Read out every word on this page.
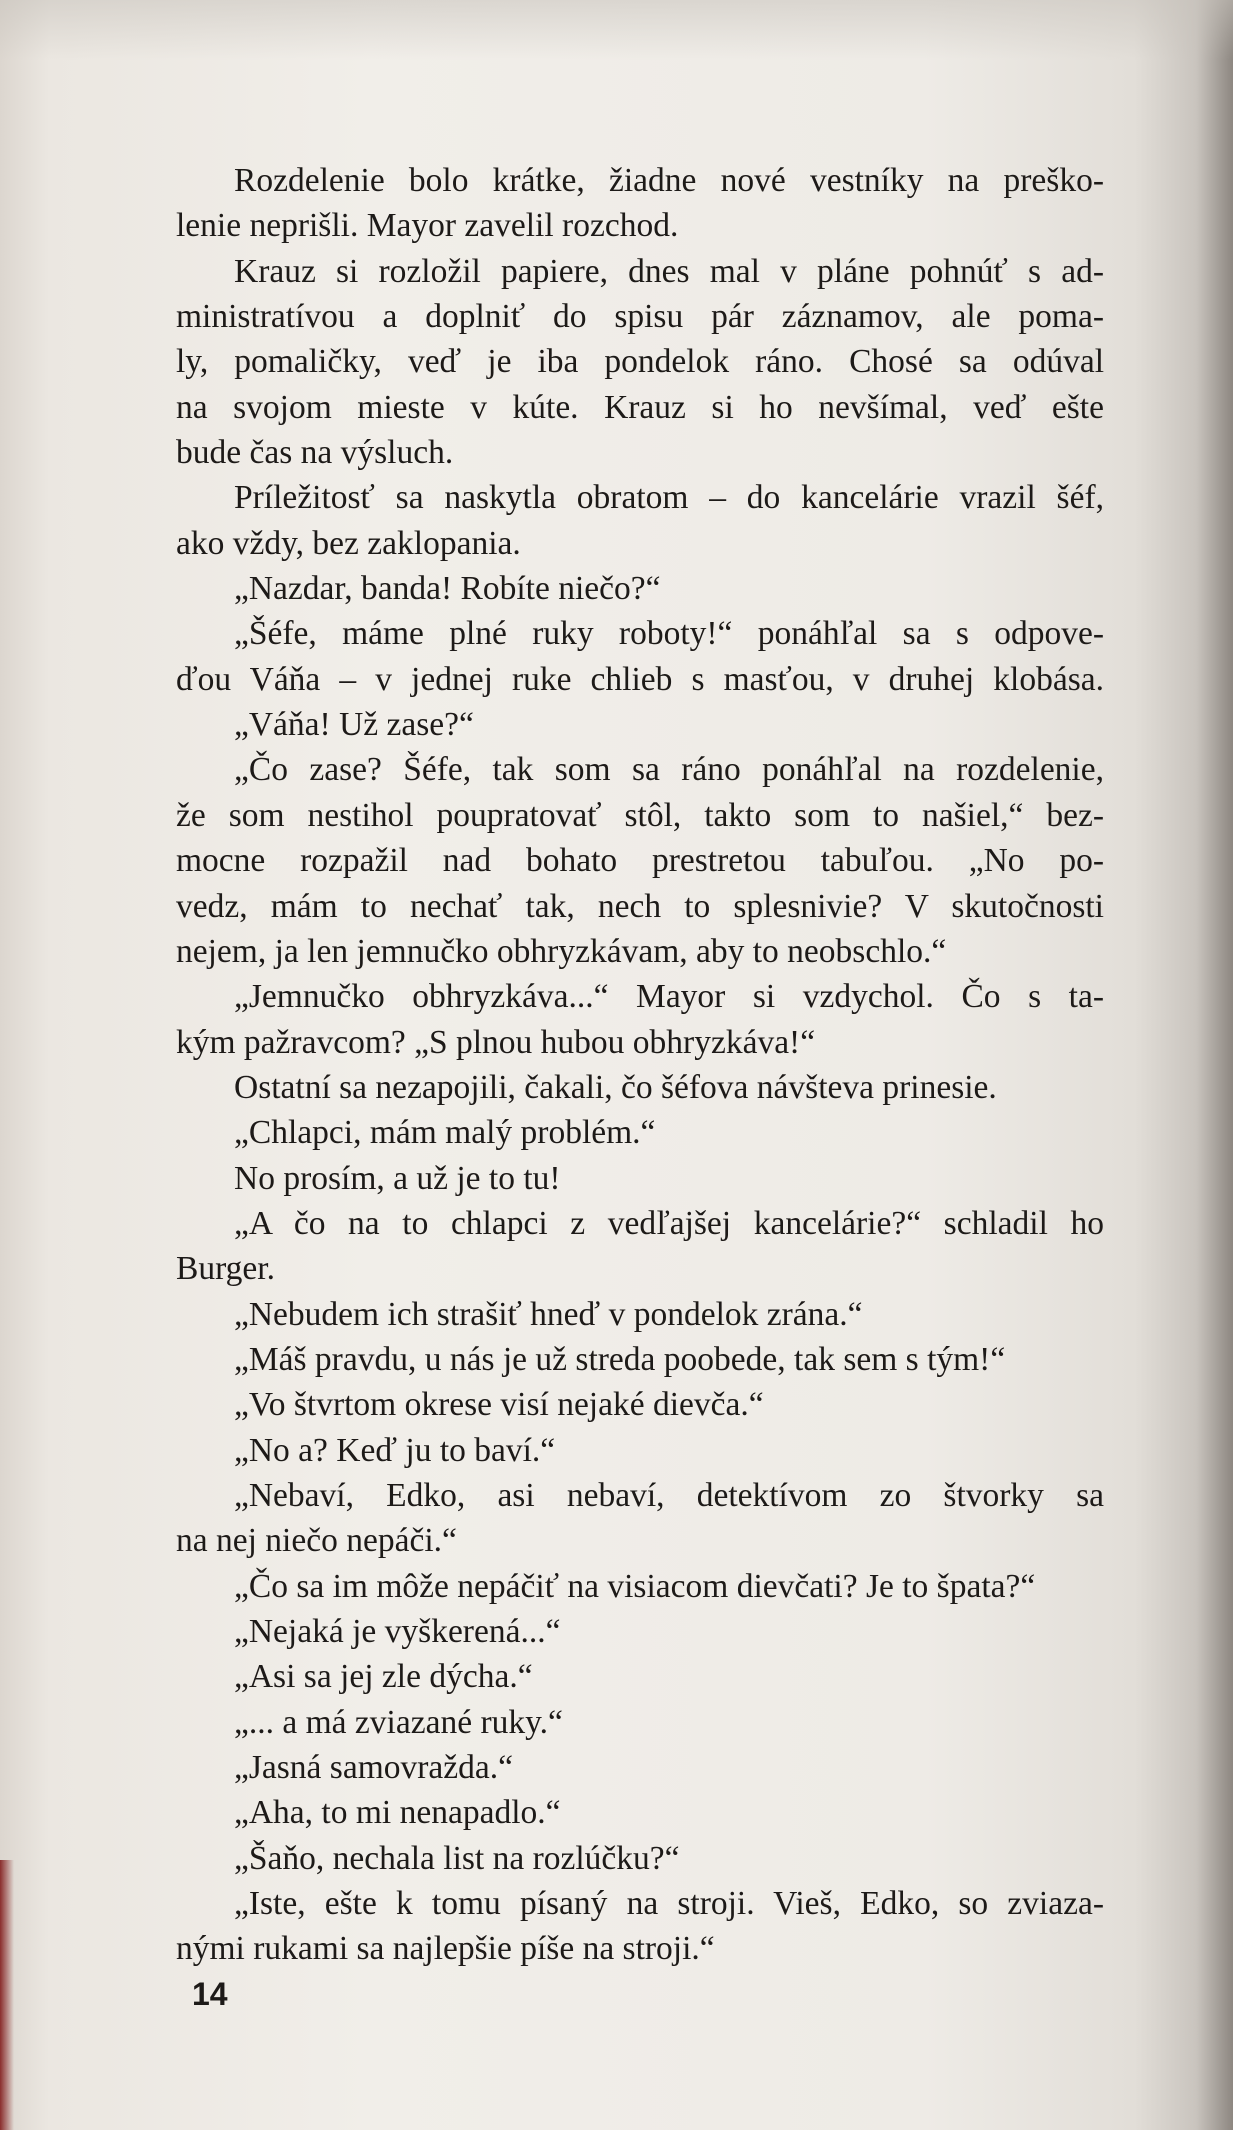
Rozdelenie bolo krátke, žiadne nové vestníky na preško-
lenie neprišli. Mayor zavelil rozchod.
Krauz si rozložil papiere, dnes mal v pláne pohnúť s ad-
ministratívou a doplniť do spisu pár záznamov, ale poma-
ly, pomaličky, veď je iba pondelok ráno. Chosé sa odúval
na svojom mieste v kúte. Krauz si ho nevšímal, veď ešte
bude čas na výsluch.
Príležitosť sa naskytla obratom – do kancelárie vrazil šéf,
ako vždy, bez zaklopania.
„Nazdar, banda! Robíte niečo?“
„Šéfe, máme plné ruky roboty!“ ponáhľal sa s odpove-
ďou Váňa – v jednej ruke chlieb s masťou, v druhej klobása.
„Váňa! Už zase?“
„Čo zase? Šéfe, tak som sa ráno ponáhľal na rozdelenie,
že som nestihol poupratovať stôl, takto som to našiel,“ bez-
mocne rozpažil nad bohato prestretou tabuľou. „No po-
vedz, mám to nechať tak, nech to splesnivie? V skutočnosti
nejem, ja len jemnučko obhryzkávam, aby to neobschlo.“
„Jemnučko obhryzkáva...“ Mayor si vzdychol. Čo s ta-
kým pažravcom? „S plnou hubou obhryzkáva!“
Ostatní sa nezapojili, čakali, čo šéfova návšteva prinesie.
„Chlapci, mám malý problém.“
No prosím, a už je to tu!
„A čo na to chlapci z vedľajšej kancelárie?“ schladil ho
Burger.
„Nebudem ich strašiť hneď v pondelok zrána.“
„Máš pravdu, u nás je už streda poobede, tak sem s tým!“
„Vo štvrtom okrese visí nejaké dievča.“
„No a? Keď ju to baví.“
„Nebaví, Edko, asi nebaví, detektívom zo štvorky sa
na nej niečo nepáči.“
„Čo sa im môže nepáčiť na visiacom dievčati? Je to špata?“
„Nejaká je vyškerená...“
„Asi sa jej zle dýcha.“
„... a má zviazané ruky.“
„Jasná samovražda.“
„Aha, to mi nenapadlo.“
„Šaňo, nechala list na rozlúčku?“
„Iste, ešte k tomu písaný na stroji. Vieš, Edko, so zviaza-
nými rukami sa najlepšie píše na stroji.“
14
